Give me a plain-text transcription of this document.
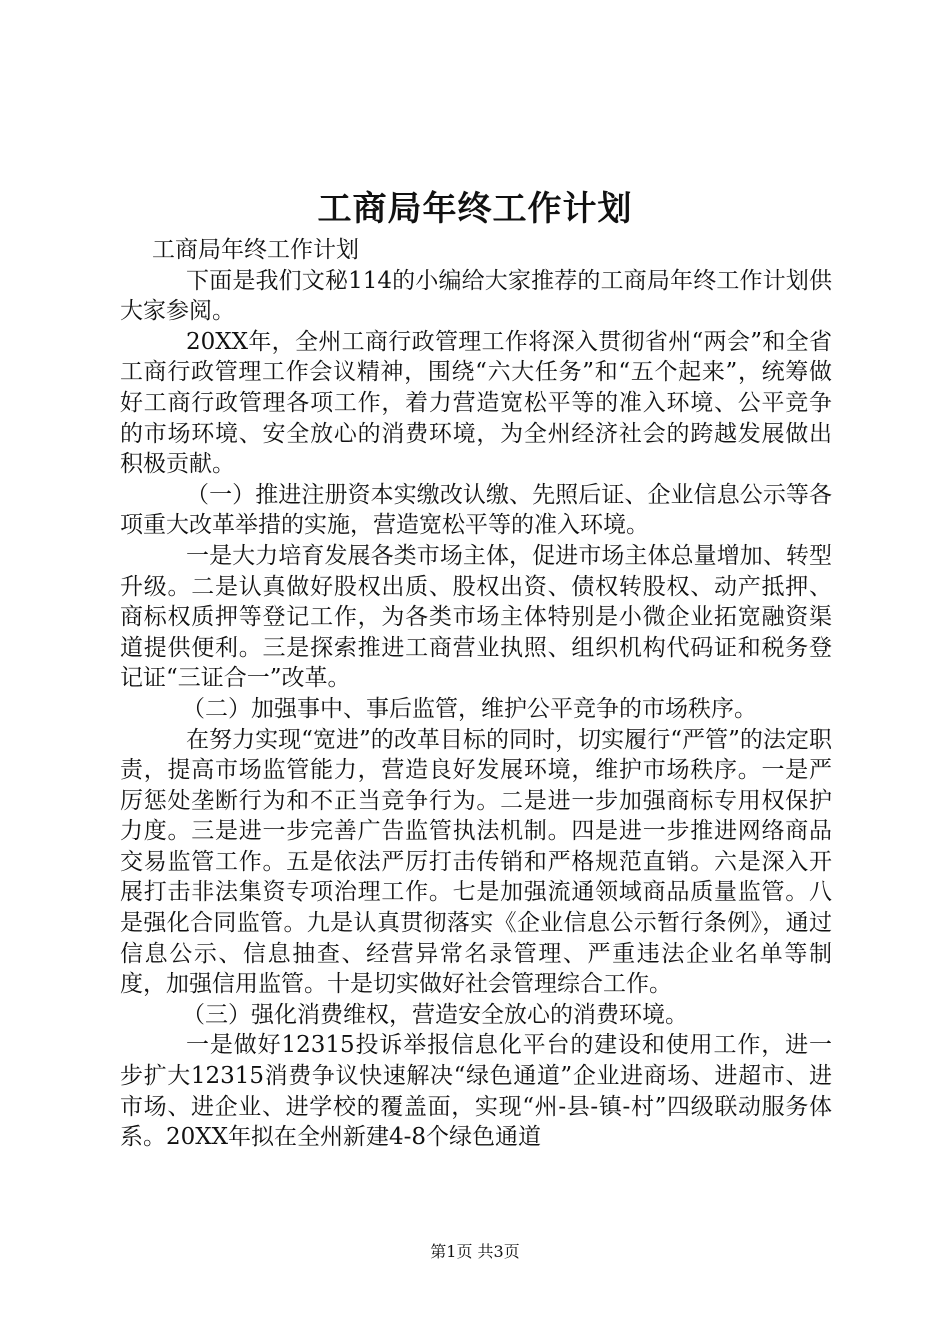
工商局年终工作计划

工商局年终工作计划

下面是我们文秘114的小编给大家推荐的工商局年终工作计划供大家参阅。

20XX年，全州工商行政管理工作将深入贯彻省州“两会”和全省工商行政管理工作会议精神，围绕“六大任务”和“五个起来”，统筹做好工商行政管理各项工作，着力营造宽松平等的准入环境、公平竞争的市场环境、安全放心的消费环境，为全州经济社会的跨越发展做出积极贡献。

（一）推进注册资本实缴改认缴、先照后证、企业信息公示等各项重大改革举措的实施，营造宽松平等的准入环境。

一是大力培育发展各类市场主体，促进市场主体总量增加、转型升级。二是认真做好股权出质、股权出资、债权转股权、动产抵押、商标权质押等登记工作，为各类市场主体特别是小微企业拓宽融资渠道提供便利。三是探索推进工商营业执照、组织机构代码证和税务登记证“三证合一”改革。

（二）加强事中、事后监管，维护公平竞争的市场秩序。

在努力实现“宽进”的改革目标的同时，切实履行“严管”的法定职责，提高市场监管能力，营造良好发展环境，维护市场秩序。一是严厉惩处垄断行为和不正当竞争行为。二是进一步加强商标专用权保护力度。三是进一步完善广告监管执法机制。四是进一步推进网络商品交易监管工作。五是依法严厉打击传销和严格规范直销。六是深入开展打击非法集资专项治理工作。七是加强流通领域商品质量监管。八是强化合同监管。九是认真贯彻落实《企业信息公示暂行条例》，通过信息公示、信息抽查、经营异常名录管理、严重违法企业名单等制度，加强信用监管。十是切实做好社会管理综合工作。

（三）强化消费维权，营造安全放心的消费环境。

一是做好12315投诉举报信息化平台的建设和使用工作，进一步扩大12315消费争议快速解决“绿色通道”企业进商场、进超市、进市场、进企业、进学校的覆盖面，实现“州-县-镇-村”四级联动服务体系。20XX年拟在全州新建4-8个绿色通道

第1页 共3页
